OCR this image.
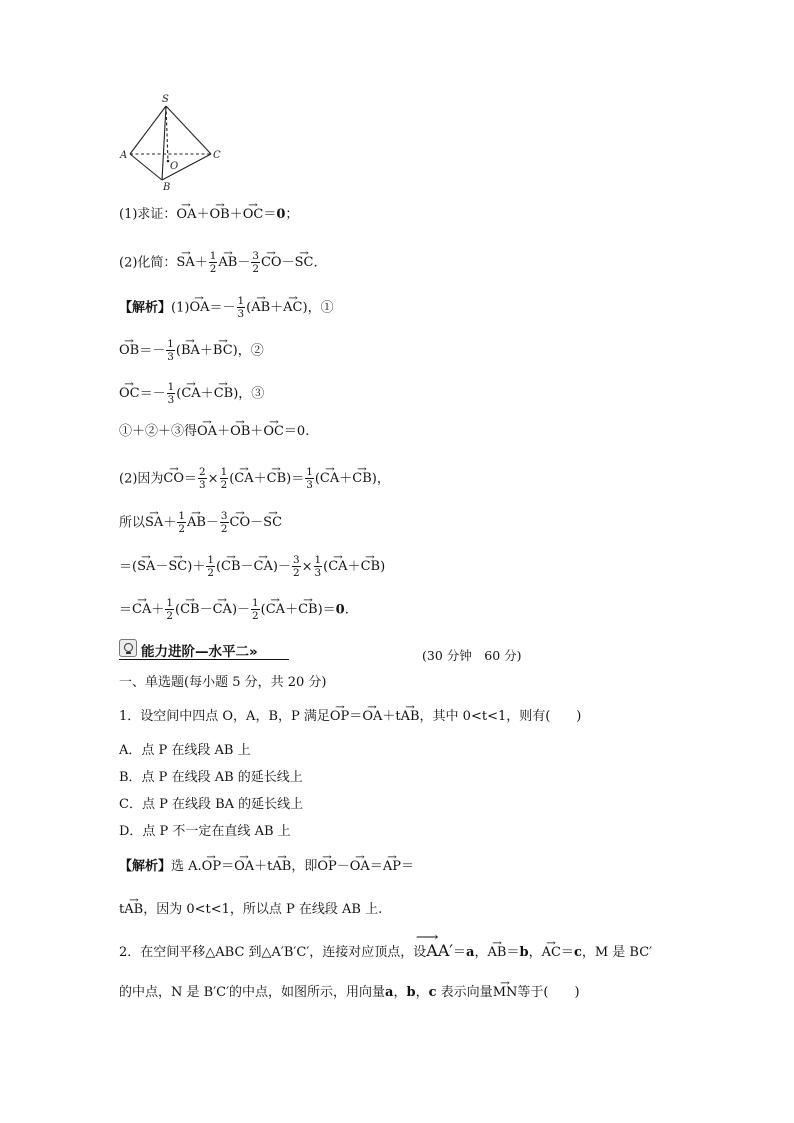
S
A
B
C
O
(1)求证：→ OA＋→ OB＋→ OC＝0；
(2)化简：→ $SA+ \frac{1}{2}$
→ $AB- \frac{3}{2}$
→ CO－→ SC.
【解析】$(1)\to OA=- \frac{1}{3}$ (→ AB＋→ AC)，①
→ $OB=- \frac{1}{3}$ (→ BA＋→ BC)，②
→ $OC=- \frac{1}{3}$ (→ CA＋→ CB)，③
①＋②＋③得→ OA＋→ OB＋→ OC＝0.
(2)因为→ $CO= \frac{2}{3} \times \frac{1}{2}$ (→ $CA+\to CB)= \frac{1}{3}$ (→ CA＋→ CB)，
所以→ $SA+ \frac{1}{2}$
→ $AB- \frac{3}{2}$
→ CO－→ SC
＝(→ $SA-\to SC)+ \frac{1}{2}$ (→ $CB-\to CA)- \frac{3}{2} \times \frac{1}{3}$ (→ CA＋→ CB)
＝→ $CA+ \frac{1}{2}$ (→ $CB-\to CA)- \frac{1}{2}$ (→ CA＋→ CB)＝0.
能力进阶—水平二»	(30 分钟　60 分)
一、单选题(每小题 5 分，共 20 分)
1．设空间中四点 O，A，B，P 满足→ OP＝→ OA＋t→ AB，其中 0<t<1，则有(　　)
A．点 P 在线段 AB 上
B．点 P 在线段 AB 的延长线上
C．点 P 在线段 BA 的延长线上
D．点 P 不一定在直线 AB 上
【解析】选 A.→ OP＝→ OA＋t→ AB，即→ OP－→ OA＝→ AP＝
t→ AB，因为 0<t<1，所以点 P 在线段 AB 上.
2．在空间平移△ABC 到△A′B′C′，连接对应顶点，设⟶ AA′＝a，→ AB＝b，→ AC＝c，M 是 BC′
的中点，N 是 B′C′的中点，如图所示，用向量a，b，c 表示向量→ MN等于(　　)
